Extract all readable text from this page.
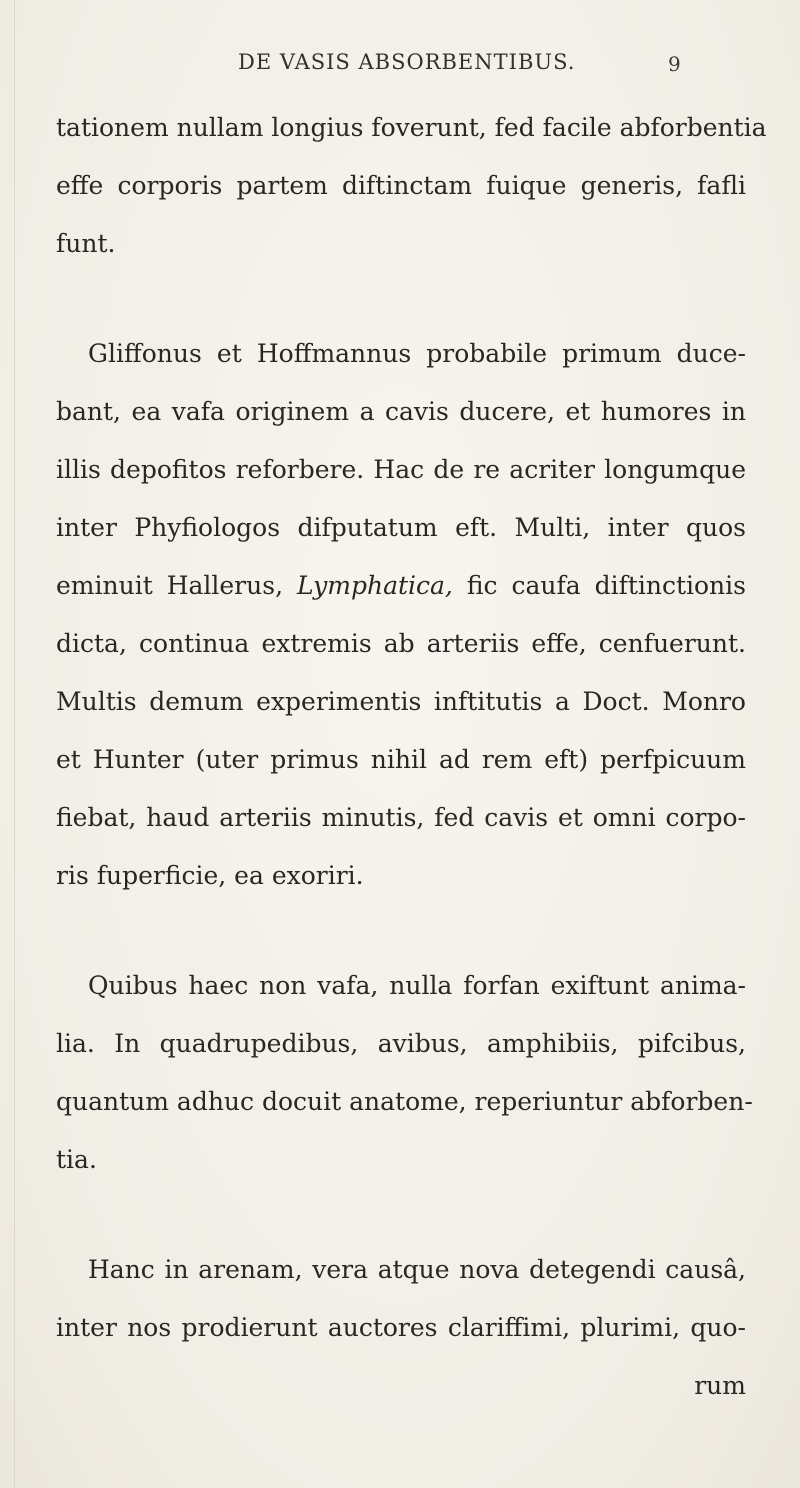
DE VASIS ABSORBENTIBUS.	9
tationem nullam longius foverunt, fed facile abforbentia
effe corporis partem diftinctam fuique generis, fafli
funt.
Gliffonus et Hoffmannus probabile primum duce-
bant, ea vafa originem a cavis ducere, et humores in
illis depofitos reforbere. Hac de re acriter longumque
inter Phyfiologos difputatum eft. Multi, inter quos
eminuit Hallerus, Lymphatica, fic caufa diftinctionis
dicta, continua extremis ab arteriis effe, cenfuerunt.
Multis demum experimentis inftitutis a Doct. Monro
et Hunter (uter primus nihil ad rem eft) perfpicuum
fiebat, haud arteriis minutis, fed cavis et omni corpo-
ris fuperficie, ea exoriri.
Quibus haec non vafa, nulla forfan exiftunt anima-
lia. In quadrupedibus, avibus, amphibiis, pifcibus,
quantum adhuc docuit anatome, reperiuntur abforben-
tia.
Hanc in arenam, vera atque nova detegendi causâ,
inter nos prodierunt auctores clariffimi, plurimi, quo-
rum
